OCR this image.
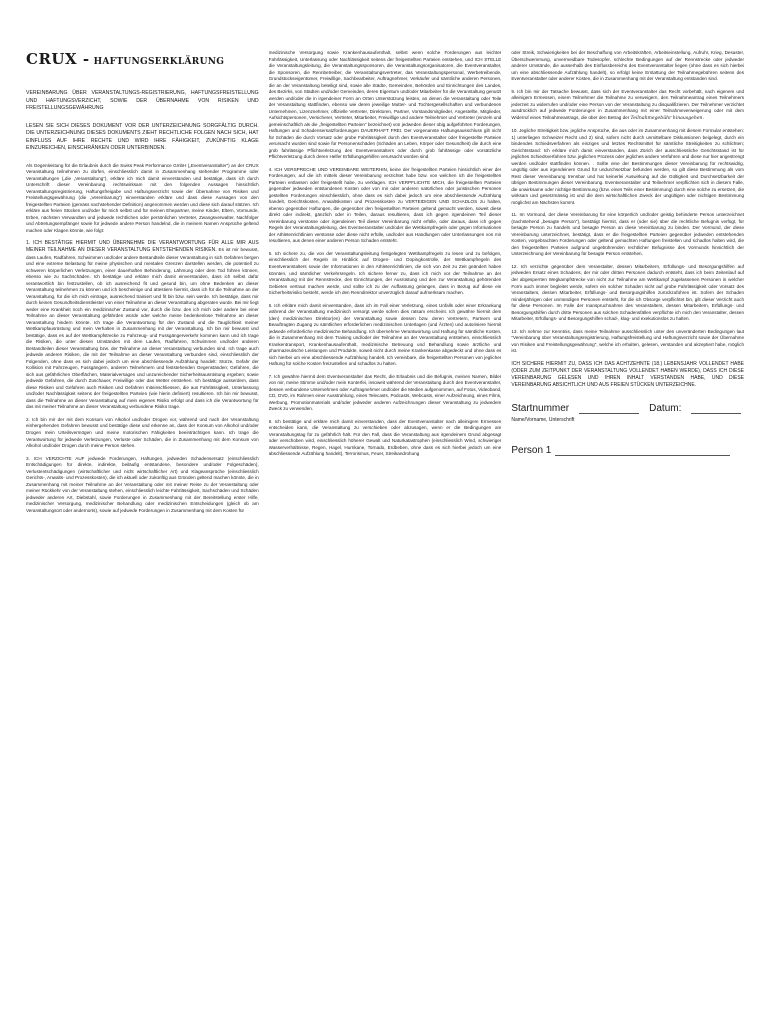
CRUX - HAFTUNGSERKLÄRUNG

VEREINBARUNG ÜBER VERANSTALTUNGS-REGISTRIERUNG, HAFTUNGSFREISTELLUNG UND HAFTUNGSVERZICHT, SOWIE DER ÜBERNAHME VON RISIKEN UND FREISTELLUNGSGEWÄHRUNG

LESEN SIE SICH DIESES DOKUMENT VOR DER UNTERZEICHNUNG SORGFÄLTIG DURCH. DIE UNTERZEICHNUNG DIESES DOKUMENTS ZIEHT RECHTLICHE FOLGEN NACH SICH, HAT EINFLUSS AUF IHRE RECHTE UND WIRD IHRE FÄHIGKEIT, ZUKÜNFTIG KLAGE EINZUREICHEN, EINSCHRÄNKEN ODER UNTERBINDEN.

Als Gegenleistung für die Erlaubnis durch die Swiss Peak Performance GmbH („Eventveranstalter“) an der CRUX Veranstaltung teilnehmen zu dürfen, einschliesslich damit in Zusammenhang stehender Programme oder Veranstaltungen („die „Veranstaltung“), erkläre ich mich damit einverstanden und bestätige, dass ich durch Unterschrift dieser Vereinbarung rechtswirksam mit den folgenden Aussagen hinsichtlich Veranstaltungsregistrierung, Haftungsfreigabe und Haftungsverzicht sowie der Übernahme von Risiken und Freistellungsgewährung (die „Vereinbarung“) einverstanden erkläre und dass diese Aussagen von den freigestellten Parteien (gemäss nachstehender Definition) angenommen werden und diese sich darauf stützen. Ich erkläre aus freien Stücken und/oder für mich selbst und für meinen Ehepartner, meine Kinder, Eltern, Vormunde, Erben, nächsten Verwandten und jedwede rechtlichen oder persönlichen Vertreter, Zwangsverwalter, Nachfolger und Abtretungsempfänger sowie für jedwede andere Person handelnd, die in meinem Namen Ansprüche geltend machen oder Klagen könnte, wie folgt:

1. ICH BESTÄTIGE HIERMIT UND ÜBERNEHME DIE VERANTWORTUNG FÜR ALLE MIR AUS MEINER TEILNAHME AN DIESER VERANSTALTUNG ENTSTEHENDEN RISIKEN. Es ist mir bewusst, dass Laufen, Radfahren, Schwimmen und/oder andere Bestandteile dieser Veranstaltung in sich Gefahren bergen und eine extreme Belastung für meine physischen und mentalen Grenzen darstellen werden, die potentiell zu schweren körperlichen Verletzungen, einer dauerhaften Behinderung, Lähmung oder dem Tod führen können, ebenso wie zu Sachschäden. Ich bestätige und erkläre mich damit einverstanden, dass ich selbst dafür verantwortlich bin festzustellen, ob ich ausreichend fit und gesund bin, um ohne Bedenken an dieser Veranstaltung teilnehmen zu können und ich bescheinige und attestiere hiermit, dass ich für die Teilnahme an der Veranstaltung, für die ich mich eintrage, ausreichend trainiert und fit bin bzw. sein werde. Ich bestätige, dass mir durch keinen Gesundheitsdienstleister von einer Teilnahme an dieser Veranstaltung abgeraten wurde. Bei mir liegt weder eine Krankheit noch ein medizinischer Zustand vor, durch die bzw. den ich mich oder andere bei einer Teilnahme an dieser Veranstaltung gefährden würde oder welche meine bedenkenlose Teilnahme an dieser Veranstaltung hindern könnte. Ich trage die Verantwortung für den Zustand und die Tauglichkeit meiner Wettkampfausrüstung und mein Verhalten in Zusammenhang mit der Veranstaltung. Ich bin mir bewusst und bestätige, dass es auf der Wettkampfstrecke zu Fahrzeug- und Fussgängerverkehr kommen kann und ich trage die Risiken, die unter diesen Umständen mit dem Laufen, Radfahren, Schwimmen und/oder anderen Bestandteilen dieser Veranstaltung bzw. der Teilnahme an dieser Veranstaltung verbunden sind. Ich trage auch jedwede anderen Risiken, die mit der Teilnahme an dieser Veranstaltung verbunden sind, einschliesslich der Folgenden, ohne dass es sich dabei jedoch um eine abschliessende Aufzählung handelt: Stürze, Gefahr der Kollision mit Fahrzeugen, Fussgängern, anderen Teilnehmern und feststehenden Gegenständen; Gefahren, die sich aus gefährlichen Oberflächen, Materialversagen und unzureichender Sicherheitsausrüstung ergeben; sowie jedwede Gefahren, die durch Zuschauer, Freiwillige oder das Wetter entstehen. Ich bestätige ausserdem, dass diese Risiken und Gefahren auch Risiken und Gefahren miteinschliessen, die aus Fahrlässigkeit, Unterlassung und/oder Nachlässigkeit seitens der freigestellten Parteien (wie hierin definiert) resultieren. Ich bin mir bewusst, dass die Teilnahme an dieser Veranstaltung auf mein eigenes Risiko erfolgt und dass ich die Verantwortung für das mit meiner Teilnahme an dieser Veranstaltung verbundene Risiko trage.

2. Ich bin mir der mit dem Konsum von Alkohol und/oder Drogen vor, während und nach der Veranstaltung einhergehenden Gefahren bewusst und bestätige diese und erkenne an, dass der Konsum von Alkohol und/oder Drogen mein Urteilsvermögen und meine motorischen Fähigkeiten beeinträchtigen kann. Ich trage die Verantwortung für jedwede Verletzungen, Verluste oder Schäden, die in Zusammenhang mit dem Konsum von Alkohol und/oder Drogen durch meine Person stehen.

3. ICH VERZICHTE AUF jedwede Forderungen, Haftungen, jedweden Schadensersatz (einschliesslich Entschädigungen für direkte, indirekte, beiläufig entstandene, besondere und/oder Folgeschäden), Verlustentschädigungen (wirtschaftlicher und nicht wirtschaftlicher Art) und Klageansprüche (einschliesslich Gerichts-, Anwalts- und Prozesskosten), die ich aktuell oder zukünftig aus Gründen geltend machen könnte, die in Zusammenhang mit meiner Teilnahme an der Veranstaltung oder mit meiner Reise zu der Veranstaltung oder meiner Rückkehr von der Veranstaltung stehen, einschliesslich leichte Fahrlässigkeit, Sachschäden und Schäden jedweder anderen Art, Diebstahl, sowie Forderungen in Zusammenhang mit der Bereitstellung erster Hilfe, medizinischer Versorgung, medizinischer Behandlung oder medizinischen Entscheidungen (gleich ob am Veranstaltungsort oder andernorts), sowie auf jedwede Forderungen in Zusammenhang mit dem Kosten für

medizinische Versorgung sowie Krankenhausaufenthalt, selbst wenn solche Forderungen aus leichter Fahrlässigkeit, Unterlassung oder Nachlässigkeit seitens der freigestellten Parteien entstehen, und ICH STELLE die Veranstaltungsleitung, die Veranstaltungssponsoren, die Veranstaltungsorganisatoren, die Eventveranstalter, die Sponsoren, die Rennbetreiber, die Veranstaltungsvertreter, das Veranstaltungspersonal, Werbetreibende, Grundstückseigentümer, Freiwillige, Sachbearbeiter, Auftragnehmer, Verkäufer und sämtliche anderen Personen, die an der Veranstaltung beteiligt sind, sowie alle Städte, Gemeinden, Behörden und Einrichtungen des Landes, des Bezirks, von Städten und/oder Gemeinden, deren Eigentum und/oder Mitarbeiter für die Veranstaltung genutzt werden und/oder die in irgendeiner Form an Orten Unterstützung leisten, an denen die Veranstaltung oder Teile der Veranstaltung stattfinden, ebenso wie deren jeweilige Mutter- und Tochtergesellschaften und verbundenen Unternehmen, Lizenznehmer, offizielle Vertreter, Direktoren, Partner, Vorstandsmitglieder, Angestellte, Mitglieder, Aufsichtspersonen, Versicherer, Vertreter, Mitarbeiter, Freiwillige und andere Teilnehmer und Vertreter (einzeln und gemeinschaftlich als die „freigestellten Parteien“ bezeichnet) von jedweden dieser obig aufgeführten Forderungen, Haftungen und Schadensersatzforderungen DAUERHAFT FREI. Der vorgenannte Haftungsausschluss gilt nicht für Schäden die durch Vorsatz oder grobe Fahrlässigkeit durch den Eventveranstalter oder freigestellte Parteien verursacht wurden sind sowie für Personenschäden (Schäden an Leben, Körper oder Gesundheit) die durch eine grob fahrlässige Pflichtverletzung des Eventveranstalters oder durch grob fahrlässige oder vorsätzliche Pflichtverletzung durch deren Helfer Erfüllungsgehilfen verursacht worden sind.

4. ICH VERSPRECHE UND VEREINBARE WEITERHIN, keine der freigestellten Parteien hinsichtlich einer der Forderungen, auf die ich mittels dieser Vereinbarung verzichtet habe bzw. von welchen ich die freigestellten Parteien entlassen oder freigestellt habe, zu verklagen. ICH VERPFLICHTE MICH, die freigestellten Parteien gegenüber jedweden entstandenen Kosten oder von mir oder anderen natürlichen oder juristischen Personen gestellten Forderungen einschliesslich, ohne dass es sich dabei jedoch um eine abschliessende Aufzählung handelt, Gerichtskosten, Anwaltskosten und Prozesskosten zu VERTEIDIGEN UND SCHADLOS zu halten, ebenso gegenüber Haftungen, die gegenüber den freigestellten Parteien geltend gemacht werden, soweit diese direkt oder indirekt, gänzlich oder in Teilen, daraus resultieren, dass ich gegen irgendeinen Teil dieser Vereinbarung verstosse oder irgendeinen Teil dieser Vereinbarung nicht erfülle, oder daraus, dass ich gegen Regeln der Veranstaltungsleitung, des Eventveranstalter und/oder die Wettkampfregeln oder gegen Informationen der Athletenrichtlinien verstosse oder diese nicht erfülle, und/oder aus Handlungen oder Unterlassungen von mir resultieren, aus denen einer anderen Person Schaden entsteht.

5. Ich sichere zu, die von der Veranstaltungsleitung festgelegten Wettkampfregeln zu lesen und zu befolgen, einschliesslich der Regeln im Hinblick auf Drogen- und Dopingkontrolle, der Wettkampfregeln des Eventveranstalters sowie der Informationen in den Athletenrichtlinien, die sich von Zeit zu Zeit geändert haben könnten, und sämtlicher Verkehrsregeln. Ich sichere ferner zu, dass ich mich vor der Teilnahme an der Veranstaltung mit der Rennstrecke, den Einrichtungen, der Ausrüstung und den zur Veranstaltung gehörenden Gebieten vertraut machen werde, und sollte ich zu der Auffassung gelangen, dass in Bezug auf diese ein Sicherheitsrisiko besteht, werde ich den Renndirektor unverzüglich darauf aufmerksam machen.

6. Ich erkläre mich damit einverstanden, dass ich im Fall einer Verletzung, eines Unfalls oder einer Erkrankung während der Veranstaltung medizinisch versorgt werde sofern dies ratsam erscheint. Ich gewähre hiermit dem (den) medizinischen Direktor(en) der Veranstaltung sowie dessen bzw. deren Vertretern, Partnern und Beauftragten Zugang zu sämtlichen erforderlichen medizinischen Unterlagen (und Ärzten) und autorisiere hiermit jedwede erforderliche medizinische Behandlung. Ich übernehme Verantwortung und Haftung für sämtliche Kosten, die in Zusammenhang mit dem Training und/oder der Teilnahme an der Veranstaltung entstehen, einschliesslich Krankentransport, Krankenhausaufenthalt, medizinische Betreuung und Behandlung sowie ärztliche und pharmazeutische Leistungen und Produkte, soweit nicht durch meine Krankenkasse abgedeckt und ohne dass es sich hierbei um eine abschliessende Aufzählung handelt. Ich vereinbare, die freigestellten Personen von jeglicher Haftung für solche Kosten freizustellen und schadlos zu halten.

7. Ich gewähre hiermit dem Eventveranstalter das Recht, die Erlaubnis und die Befugnis, meinen Namen, Bilder von mir, meine Stimme und/oder mein Konterfei, insoweit während der Veranstaltung durch den Eventveranstalter, dessen verbundene Unternehmen oder Auftragnehmer und/oder die Medien aufgenommen, auf Fotos, Videoband, CD, DVD, im Rahmen einer Ausstrahlung, eines Telecasts, Podcasts, Webcasts, einer Aufzeichnung, eines Films, Werbung, Promotionmaterials und/oder jedweder anderen Aufzeichnungen dieser Veranstaltung zu jedwedem Zweck zu verwenden.

8. Ich bestätige und erkläre mich damit einverstanden, dass der Eventveranstalter nach alleinigem Ermessen entscheiden kann, die Veranstaltung zu verschieben oder abzusagen, wenn er die Bedingungen am Veranstaltungstag für zu gefährlich hält. Für den Fall, dass die Veranstaltung aus irgendeinem Grund abgesagt oder verschoben wird, einschliesslich höherer Gewalt und Naturkatastrophen (einschliesslich Wind, schwieriger Wasserverhältnisse, Regen, Hagel, Hurrikane, Tornado, Erdbeben, ohne dass es sich hierbei jedoch um eine abschliessende Aufzählung handelt), Terrorismus, Feuer, Streikandrohung

oder Streik, Schwierigkeiten bei der Beschaffung von Arbeitskräften, Arbeitseinstellung, Aufruhr, Krieg, Desaster, Überschwemmung, unvermeidbare Todesopfer, schlechte Bedingungen auf der Rennstrecke oder jedweder anderer Umstände, die ausserhalb des Einflussbereichs des Eventveranstalter liegen (ohne dass es sich hierbei um eine abschliessende Aufzählung handelt), so erfolgt keine Erstattung der Teilnahmegebühren seitens des Eventveranstalter oder anderer Kosten, die in Zusammenhang mit der Veranstaltung entstanden sind.

9. Ich bin mir der Tatsache bewusst, dass sich der Eventveranstalter das Recht vorbehält, nach eigenem und alleinigem Ermessen, einem Teilnehmer die Teilnahme zu verweigern, den Teilnahmeantrag eines Teilnehmers jederzeit zu widerrufen und/oder eine Person von der Veranstaltung zu disqualifizieren. Der Teilnehmer verzichtet ausdrücklich auf jedwede Forderungen in Zusammenhang mit einer Teilnahmeverweigerung oder mit dem Widerruf eines Teilnahmeantrags, die über den Betrag der Teilnahmegebühr hinausgehen.

10. Jegliche Streitigkeit bzw. jegliche Ansprüche, die aus oder im Zusammenhang mit diesem Formular entstehen: 1) unterliegen Schweizer Recht und 2) sind, sofern nicht durch unmittelbare Diskussionen beigelegt, durch ein bindendes Schiedsverfahren als einziges und letztes Rechtsmittel für sämtliche Streitigkeiten zu schlichten; Gerichtsstand: Ich erkläre mich damit einverstanden, dass Zürich der ausschliessliche Gerichtsstand ist für jegliches Schiedsverfahren bzw. jeglichen Prozess oder jegliches andere Verfahren und diese nur hier angestrengt werden und/oder stattfinden können. . Sollte eine der Bestimmungen dieser Vereinbarung für rechtswidrig, ungültig oder aus irgendeinem Grund für undurchsetzbar befunden werden, so gilt diese Bestimmung als vom Rest dieser Vereinbarung trennbar und hat keinerlei Auswirkung auf die Gültigkeit und Durchsetzbarkeit der übrigen Bestimmungen dieser Vereinbarung. Eventveranstalter und Teilnehmer verpflichten sich in diesem Falle, die unwirksame oder nichtige Bestimmung (bzw. eines Teils einer Bestimmung) durch eine solche zu ersetzen, die wirksam und gesetzmässig ist und die dem wirtschaftlichen Zweck der ungültigen oder nichtigen Bestimmung möglichst am Nächsten kommt.

11. Im Vormund, der diese Vereinbarung für eine körperlich und/oder geistig behinderte Person unterzeichnet (nachstehend „besagte Person“), bestätigt hiermit, dass er (oder sie) über die rechtliche Befugnis verfügt, für besagte Person zu handeln und besagte Person an diese Vereinbarung zu binden. Der Vormund, der diese Vereinbarung unterzeichnet, bestätigt, dass er die freigestellten Parteien gegenüber jedweden entstehenden Kosten, vorgebrachten Forderungen oder geltend gemachten Haftungen freistellen und schadlos halten wird, die den freigestellten Parteien aufgrund ungebührenden rechtlicher Befugnisse des Vormunds hinsichtlich der Unterzeichnung der Vereinbarung für besagte Person entstehen.

12. Ich verzichte gegenüber dem Veranstalter, dessen Mitarbeitern, Erfüllungs- und Besorgungshilfen auf jedweden Ersatz eines Schadens, der mir oder dritten Personen dadurch entsteht, dass ich beim Zeitenlauf auf der abgesperrten Wegkampfstrecke von nicht zur Teilnahme am Wettkampf zugelassenen Personen in welcher Form auch immer begleitet werde, sofern ein solcher Schaden nicht auf grobe Fahrlässigkeit oder Vorsatz des Veranstalters, dessen Mitarbeiter, Erfüllungs- und Besorgungshilfen zurückzuführen ist. Sofern der Schaden minderjährigen oder unmündigen Personen entsteht, für die ich Obsorge verpflichtet bin, gilt dieser Verzicht auch für diese Personen. Im Falle der Inanspruchnahme des Veranstalters, dessen Mitarbeitern, Erfüllungs- und Besorgungshilfen durch dritte Personen aus solchen Schadensfällen verpflichte ich mich den Veranstalter, dessen Mitarbeiter, Erfüllungs- und Besorgungshilfen schad-, klag- und exekutionslos zu halten.

13. Ich nehme zur Kenntnis, dass meine Teilnahme ausschliesslich unter den unveränderten Bedingungen laut "Vereinbarung über Veranstaltungsregistrierung, Haftungsfreistellung und Haftungsverzicht sowie der Übernahme von Risiken und Freistellungsgewährung", welche ich erhalten, gelesen, verstanden und akzeptiert habe, möglich ist.

ICH SICHERE HIERMIT ZU, DASS ICH DAS ACHTZEHNTE (18.) LEBENSJAHR VOLLENDET HABE (ODER ZUM ZEITPUNKT DER VERANSTALTUNG VOLLENDET HABEN WERDE), DASS ICH DIESE VEREINBARUNG GELESEN UND IHREN INHALT VERSTANDEN HABE, UND DIESE VEREINBARUNG ABSICHTLICH UND AUS FREIEN STÜCKEN UNTERZEICHNE.

Startnummer	Datum:
Name/Vorname, Unterschrift
Person 1
